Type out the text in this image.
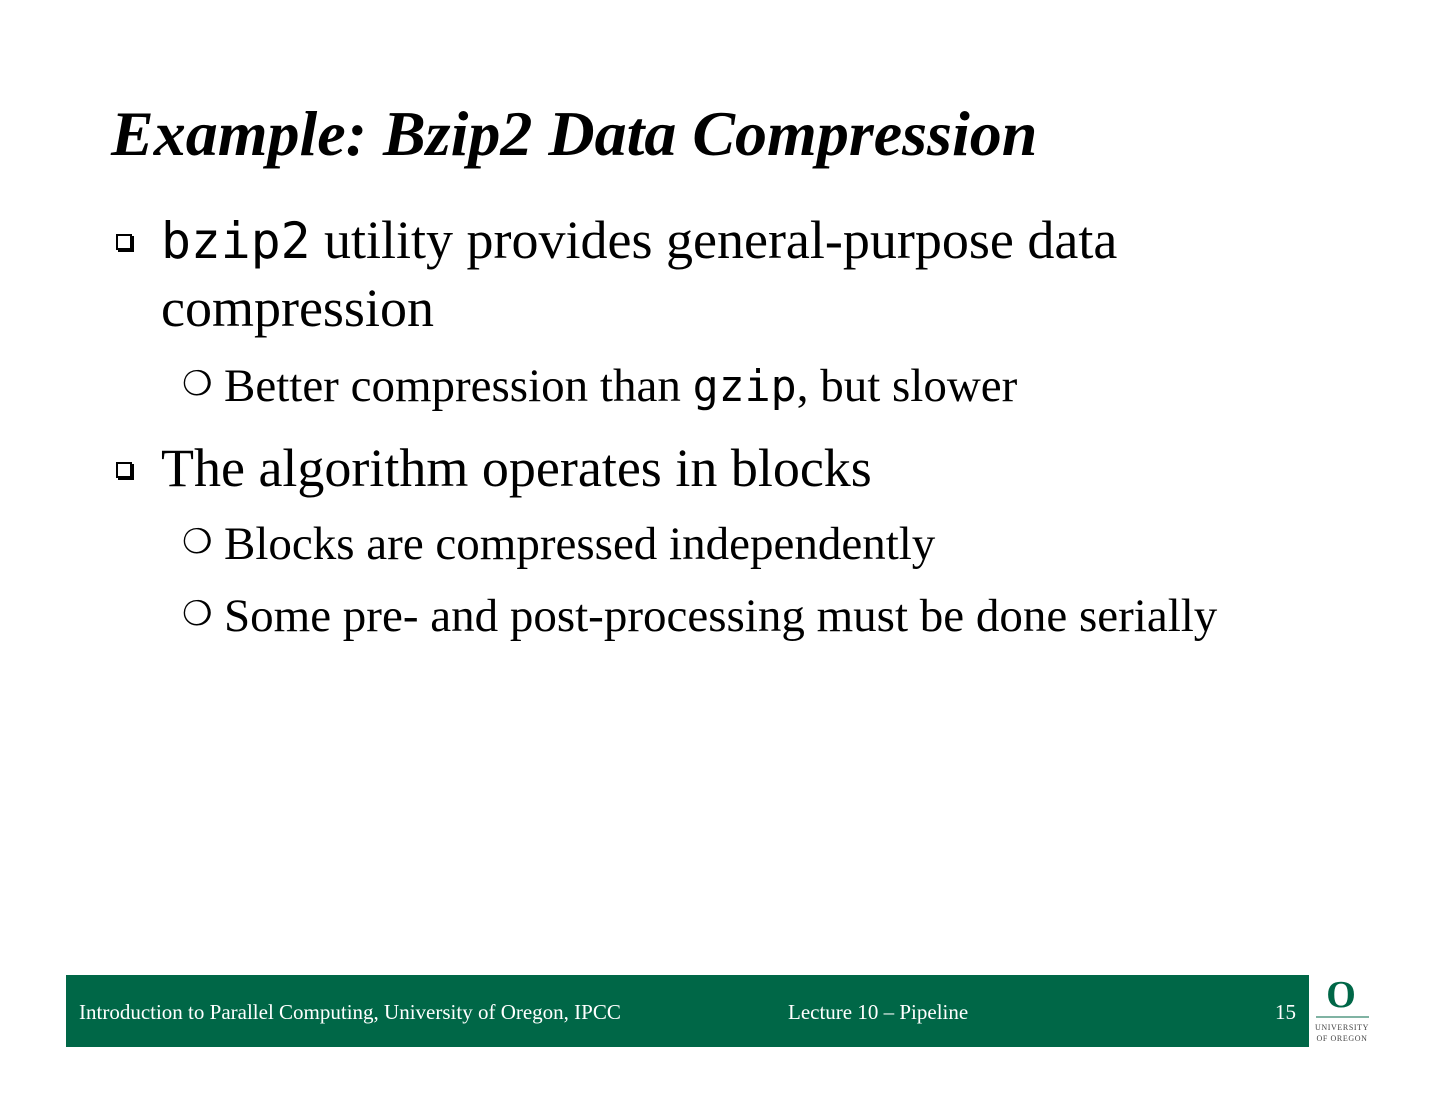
Example: Bzip2 Data Compression
bzip2 utility provides general-purpose data
compression
❍ Better compression than gzip, but slower
The algorithm operates in blocks
❍ Blocks are compressed independently
❍ Some pre- and post-processing must be done serially
Introduction to Parallel Computing, University of Oregon, IPCC	Lecture 10 – Pipeline	15 O
UNIVERSITY
OF OREGON
